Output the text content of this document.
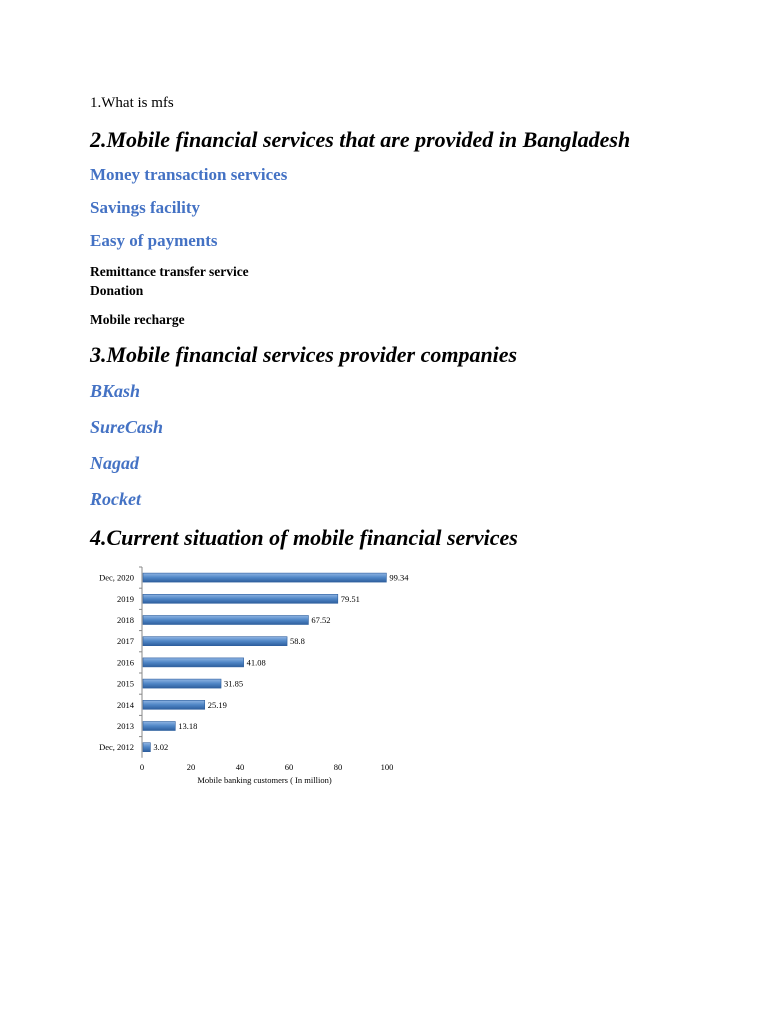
1.What is mfs
2.Mobile financial services that are provided in Bangladesh
Money transaction services
Savings facility
Easy of payments
Remittance transfer service
Donation
Mobile recharge
3.Mobile financial services provider companies
BKash
SureCash
Nagad
Rocket
4.Current situation of mobile financial services
Dec, 2020	99.34
2019	79.51
2018	67.52
2017	58.8
2016	41.08
2015	31.85
2014	25.19
2013	13.18
Dec, 2012 3.02
0	20	40	60	80	100
Mobile banking customers ( In million)
